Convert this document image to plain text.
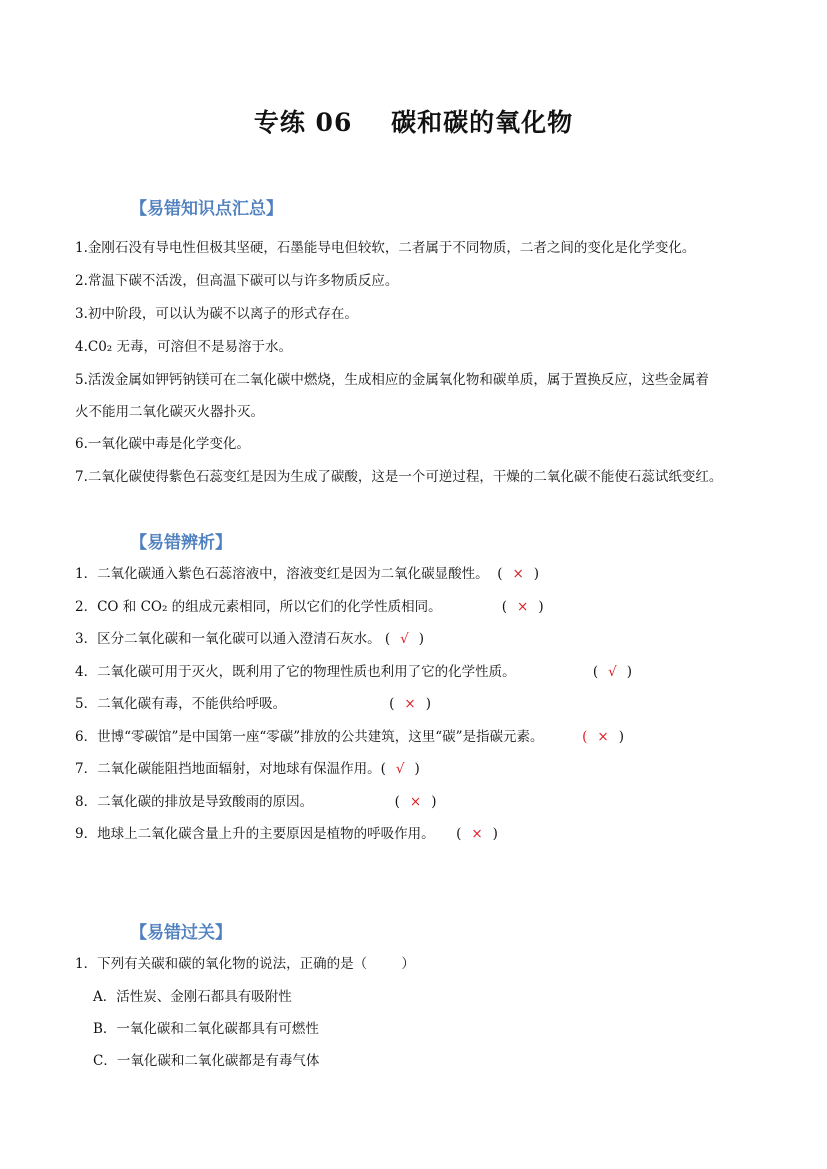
专练 06    碳和碳的氧化物
【易错知识点汇总】
1.金刚石没有导电性但极其坚硬，石墨能导电但较软，二者属于不同物质，二者之间的变化是化学变化。
2.常温下碳不活泼，但高温下碳可以与许多物质反应。
3.初中阶段，可以认为碳不以离子的形式存在。
4.C0₂ 无毒，可溶但不是易溶于水。
5.活泼金属如钾钙钠镁可在二氧化碳中燃烧，生成相应的金属氧化物和碳单质，属于置换反应，这些金属着
火不能用二氧化碳灭火器扑灭。
6.一氧化碳中毒是化学变化。
7.二氧化碳使得紫色石蕊变红是因为生成了碳酸，这是一个可逆过程，干燥的二氧化碳不能使石蕊试纸变红。
【易错辨析】
1．二氧化碳通入紫色石蕊溶液中，溶液变红是因为二氧化碳显酸性。 ( × )
2．CO 和 CO₂ 的组成元素相同，所以它们的化学性质相同。	( × )
3．区分二氧化碳和一氧化碳可以通入澄清石灰水。 ( √ )
4．二氧化碳可用于灭火，既利用了它的物理性质也利用了它的化学性质。	( √ )
5．二氧化碳有毒，不能供给呼吸。	( × )
6．世博“零碳馆”是中国第一座“零碳”排放的公共建筑，这里“碳”是指碳元素。	( × )
7．二氧化碳能阻挡地面辐射，对地球有保温作用。( √ )
8．二氧化碳的排放是导致酸雨的原因。	( × )
9．地球上二氧化碳含量上升的主要原因是植物的呼吸作用。 ( × )
【易错过关】
1．下列有关碳和碳的氧化物的说法，正确的是（        ）
A．活性炭、金刚石都具有吸附性
B．一氧化碳和二氧化碳都具有可燃性
C．一氧化碳和二氧化碳都是有毒气体
